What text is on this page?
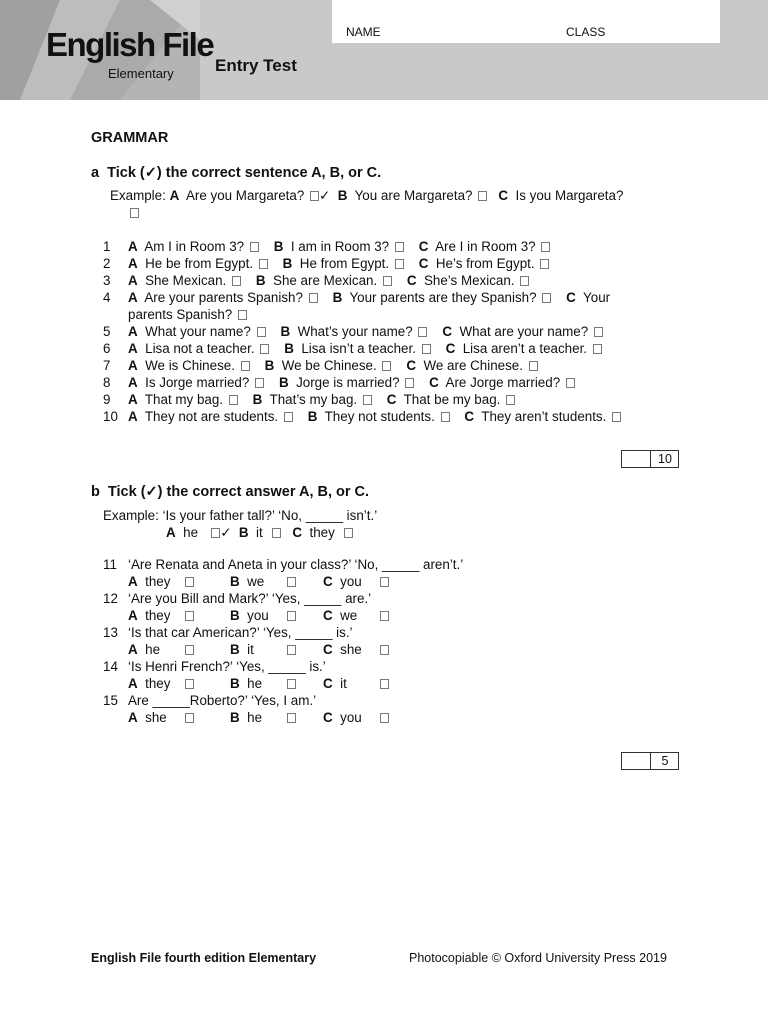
English File
Elementary Entry Test
NAME	CLASS
GRAMMAR
a Tick (✓) the correct sentence A, B, or C.
Example: A Are you Margareta? ✓ B You are Margareta? C Is you Margareta?
1 A Am I in Room 3? B I am in Room 3? C Are I in Room 3?
2 A He be from Egypt. B He from Egypt. C He’s from Egypt.
3 A She Mexican. B She are Mexican. C She’s Mexican.
4 A Are your parents Spanish? B Your parents are they Spanish? C Your
parents Spanish?
5 A What your name? B What’s your name? C What are your name?
6 A Lisa not a teacher. B Lisa isn’t a teacher. C Lisa aren’t a teacher.
7 A We is Chinese. B We be Chinese. C We are Chinese.
8 A Is Jorge married? B Jorge is married? C Are Jorge married?
9 A That my bag. B That’s my bag. C That be my bag.
10 A They not are students. B They not students. C They aren’t students.
10
b Tick (✓) the correct answer A, B, or C.
Example: ‘Is your father tall?’ ‘No, _____ isn’t.’
A he ✓ B it C they
11 ‘Are Renata and Aneta in your class?’ ‘No, _____ aren’t.’
A they	B we	C you
12 ‘Are you Bill and Mark?’ ‘Yes, _____ are.’
A they	B you	C we
13 ‘Is that car American?’ ‘Yes, _____ is.’
A he	B it	C she
14 ‘Is Henri French?’ ‘Yes, _____ is.’
A they	B he	C it
15 Are _____Roberto?’ ‘Yes, I am.’
A she	B he	C you
5
English File fourth edition Elementary	Photocopiable © Oxford University Press 2019
